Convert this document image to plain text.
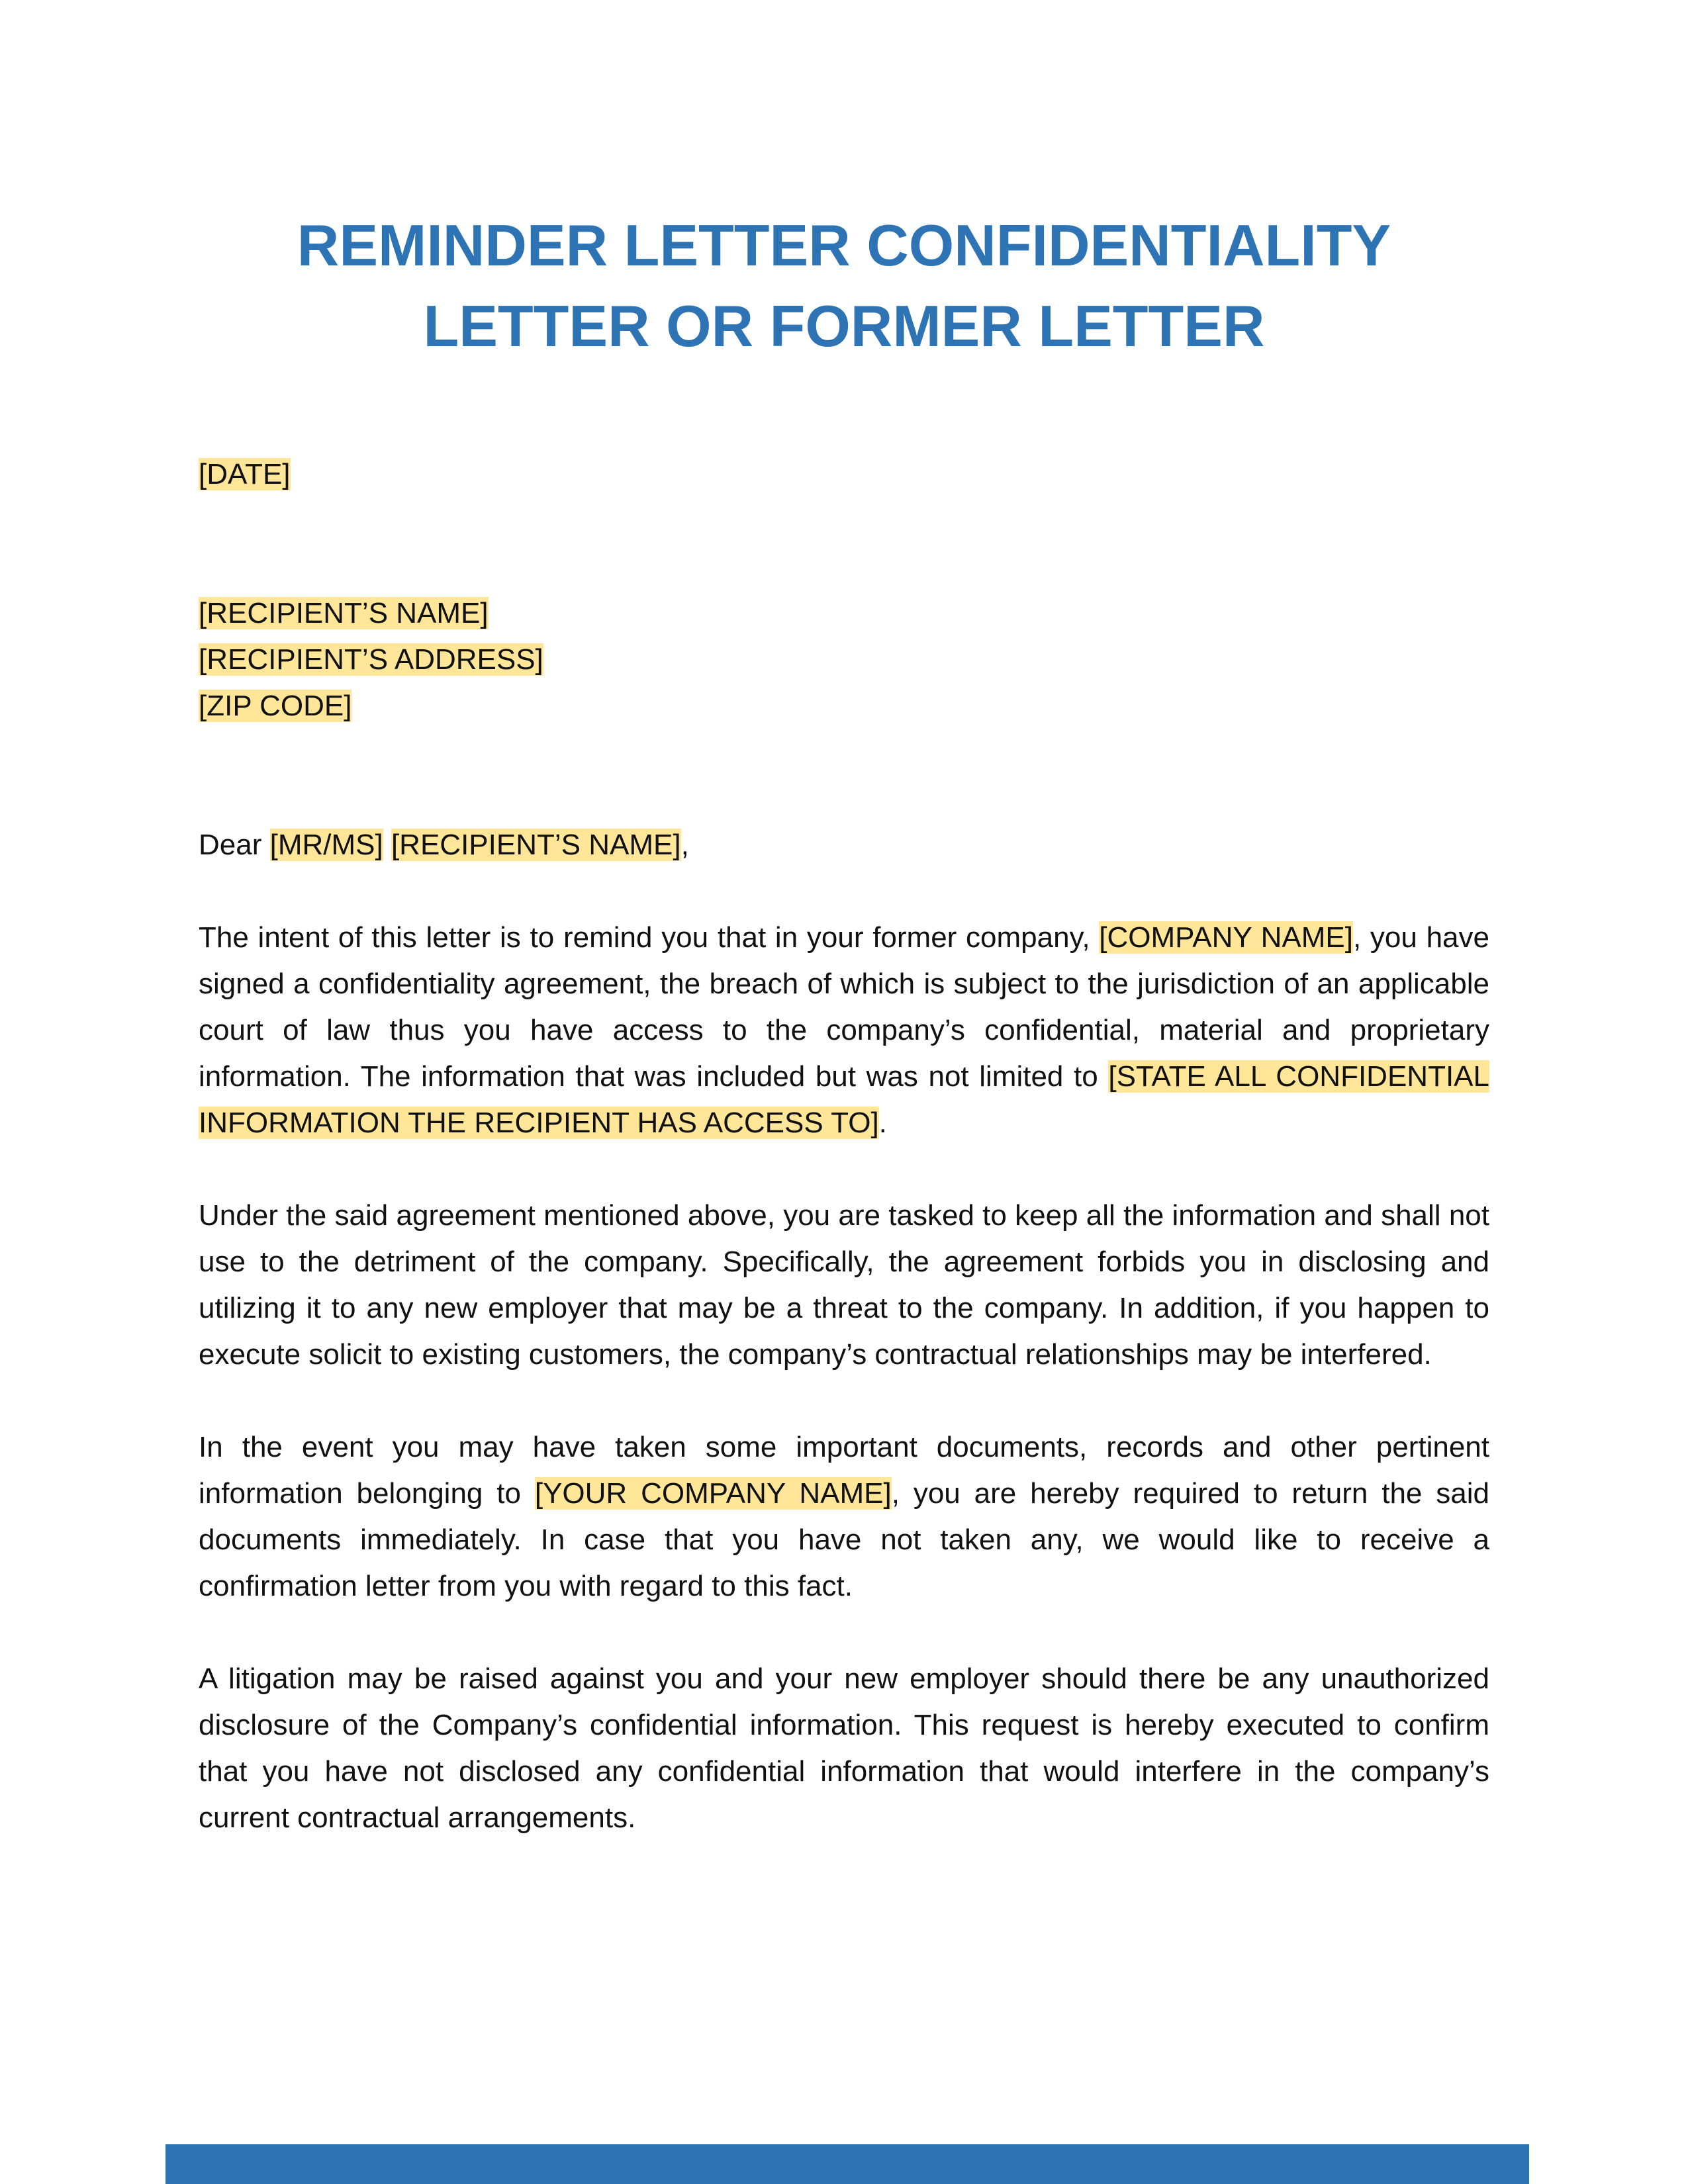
REMINDER LETTER CONFIDENTIALITY
LETTER OR FORMER LETTER
[DATE]
[RECIPIENT’S NAME]
[RECIPIENT’S ADDRESS]
[ZIP CODE]
Dear [MR/MS] [RECIPIENT’S NAME],

The intent of this letter is to remind you that in your former company, [COMPANY NAME], you have signed a confidentiality agreement, the breach of which is subject to the jurisdiction of an applicable court of law thus you have access to the company’s confidential, material and proprietary information. The information that was included but was not limited to [STATE ALL CONFIDENTIAL INFORMATION THE RECIPIENT HAS ACCESS TO].

Under the said agreement mentioned above, you are tasked to keep all the information and shall not use to the detriment of the company. Specifically, the agreement forbids you in disclosing and utilizing it to any new employer that may be a threat to the company. In addition, if you happen to execute solicit to existing customers, the company’s contractual relationships may be interfered.

In the event you may have taken some important documents, records and other pertinent information belonging to [YOUR COMPANY NAME], you are hereby required to return the said documents immediately. In case that you have not taken any, we would like to receive a confirmation letter from you with regard to this fact.

A litigation may be raised against you and your new employer should there be any unauthorized disclosure of the Company’s confidential information. This request is hereby executed to confirm that you have not disclosed any confidential information that would interfere in the company’s current contractual arrangements.
